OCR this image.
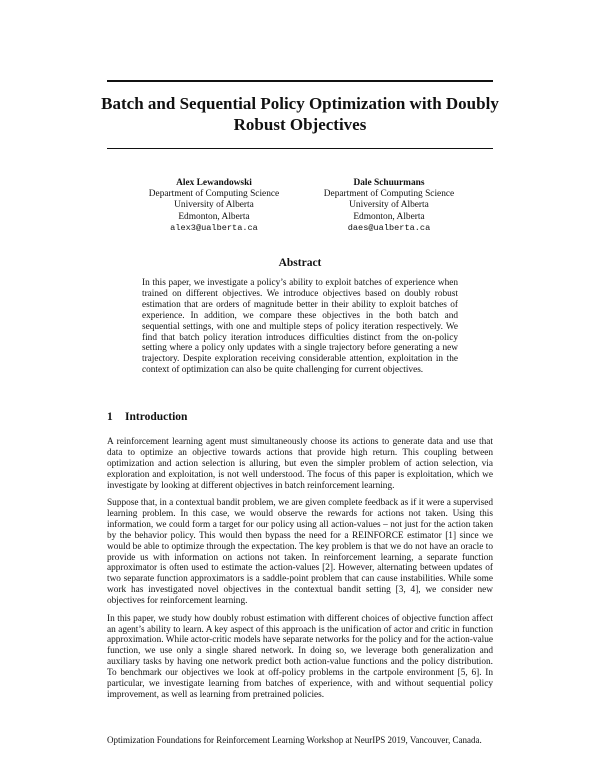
Batch and Sequential Policy Optimization with Doubly Robust Objectives
Alex Lewandowski
Department of Computing Science
University of Alberta
Edmonton, Alberta
alex3@ualberta.ca
Dale Schuurmans
Department of Computing Science
University of Alberta
Edmonton, Alberta
daes@ualberta.ca
Abstract

In this paper, we investigate a policy’s ability to exploit batches of experience when trained on different objectives. We introduce objectives based on doubly robust estimation that are orders of magnitude better in their ability to exploit batches of experience. In addition, we compare these objectives in the both batch and sequential settings, with one and multiple steps of policy iteration respectively. We find that batch policy iteration introduces difficulties distinct from the on-policy setting where a policy only updates with a single trajectory before generating a new trajectory. Despite exploration receiving considerable attention, exploitation in the context of optimization can also be quite challenging for current objectives.

1 Introduction

A reinforcement learning agent must simultaneously choose its actions to generate data and use that data to optimize an objective towards actions that provide high return. This coupling between optimization and action selection is alluring, but even the simpler problem of action selection, via exploration and exploitation, is not well understood. The focus of this paper is exploitation, which we investigate by looking at different objectives in batch reinforcement learning.

Suppose that, in a contextual bandit problem, we are given complete feedback as if it were a supervised learning problem. In this case, we would observe the rewards for actions not taken. Using this information, we could form a target for our policy using all action-values – not just for the action taken by the behavior policy. This would then bypass the need for a REINFORCE estimator [1] since we would be able to optimize through the expectation. The key problem is that we do not have an oracle to provide us with information on actions not taken. In reinforcement learning, a separate function approximator is often used to estimate the action-values [2]. However, alternating between updates of two separate function approximators is a saddle-point problem that can cause instabilities. While some work has investigated novel objectives in the contextual bandit setting [3, 4], we consider new objectives for reinforcement learning.

In this paper, we study how doubly robust estimation with different choices of objective function affect an agent’s ability to learn. A key aspect of this approach is the unification of actor and critic in function approximation. While actor-critic models have separate networks for the policy and for the action-value function, we use only a single shared network. In doing so, we leverage both generalization and auxiliary tasks by having one network predict both action-value functions and the policy distribution. To benchmark our objectives we look at off-policy problems in the cartpole environment [5, 6]. In particular, we investigate learning from batches of experience, with and without sequential policy improvement, as well as learning from pretrained policies.

Optimization Foundations for Reinforcement Learning Workshop at NeurIPS 2019, Vancouver, Canada.
